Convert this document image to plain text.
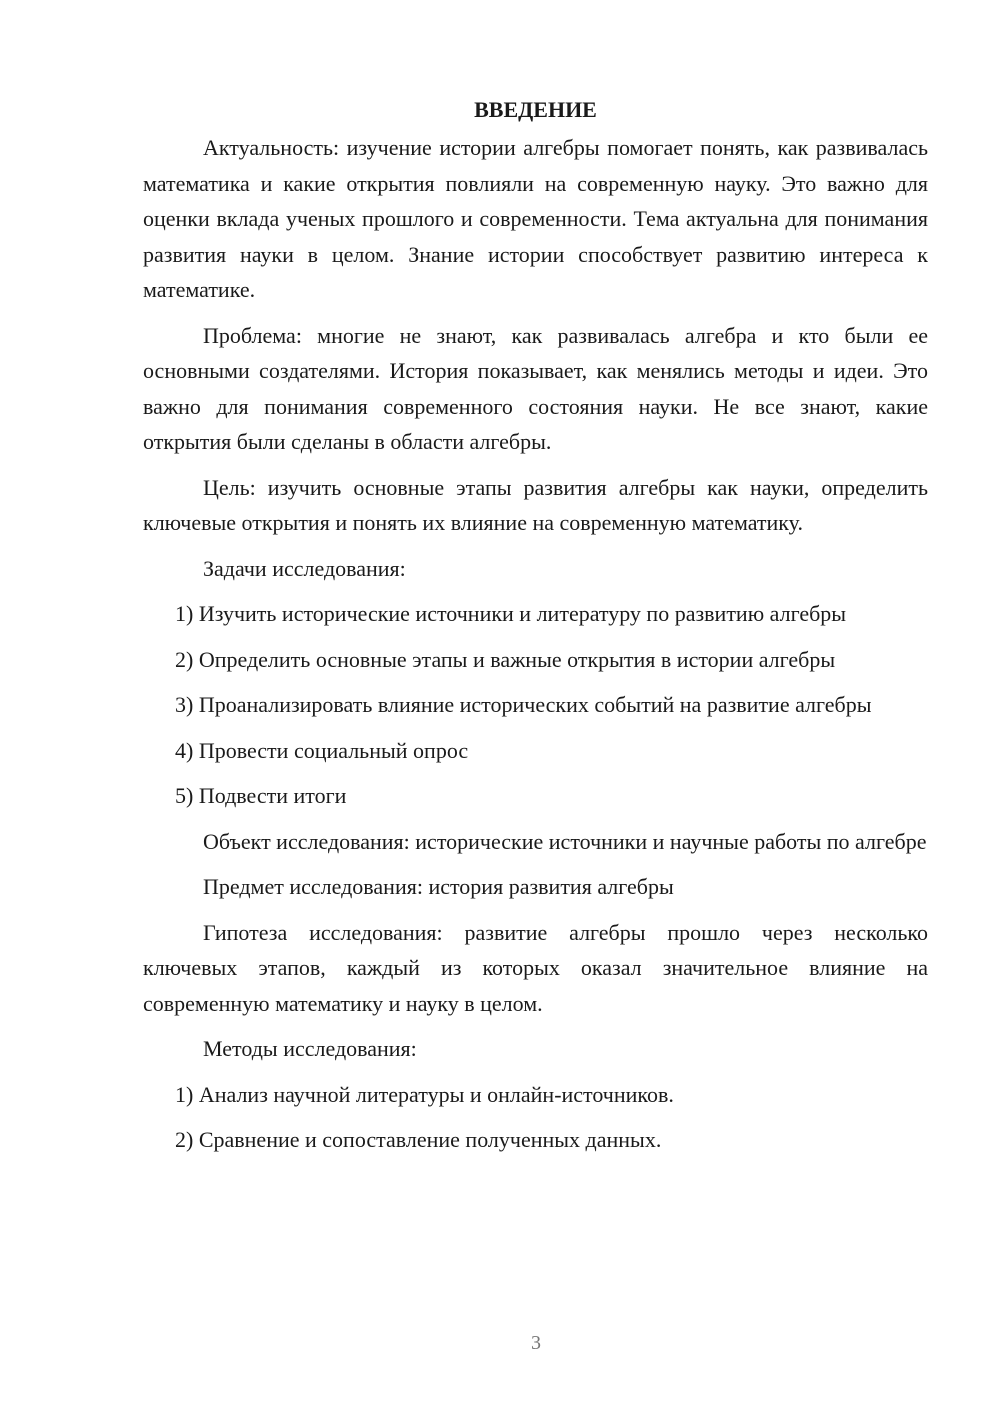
ВВЕДЕНИЕ

Актуальность: изучение истории алгебры помогает понять, как развивалась математика и какие открытия повлияли на современную науку. Это важно для оценки вклада ученых прошлого и современности. Тема актуальна для понимания развития науки в целом. Знание истории способствует развитию интереса к математике.

Проблема: многие не знают, как развивалась алгебра и кто были ее основными создателями. История показывает, как менялись методы и идеи. Это важно для понимания современного состояния науки. Не все знают, какие открытия были сделаны в области алгебры.

Цель: изучить основные этапы развития алгебры как науки, определить ключевые открытия и понять их влияние на современную математику.

Задачи исследования:

1) Изучить исторические источники и литературу по развитию алгебры

2) Определить основные этапы и важные открытия в истории алгебры

3) Проанализировать влияние исторических событий на развитие алгебры

4) Провести социальный опрос

5) Подвести итоги

Объект исследования: исторические источники и научные работы по алгебре

Предмет исследования: история развития алгебры

Гипотеза исследования: развитие алгебры прошло через несколько ключевых этапов, каждый из которых оказал значительное влияние на современную математику и науку в целом.

Методы исследования:

1) Анализ научной литературы и онлайн-источников.

2) Сравнение и сопоставление полученных данных.

3
